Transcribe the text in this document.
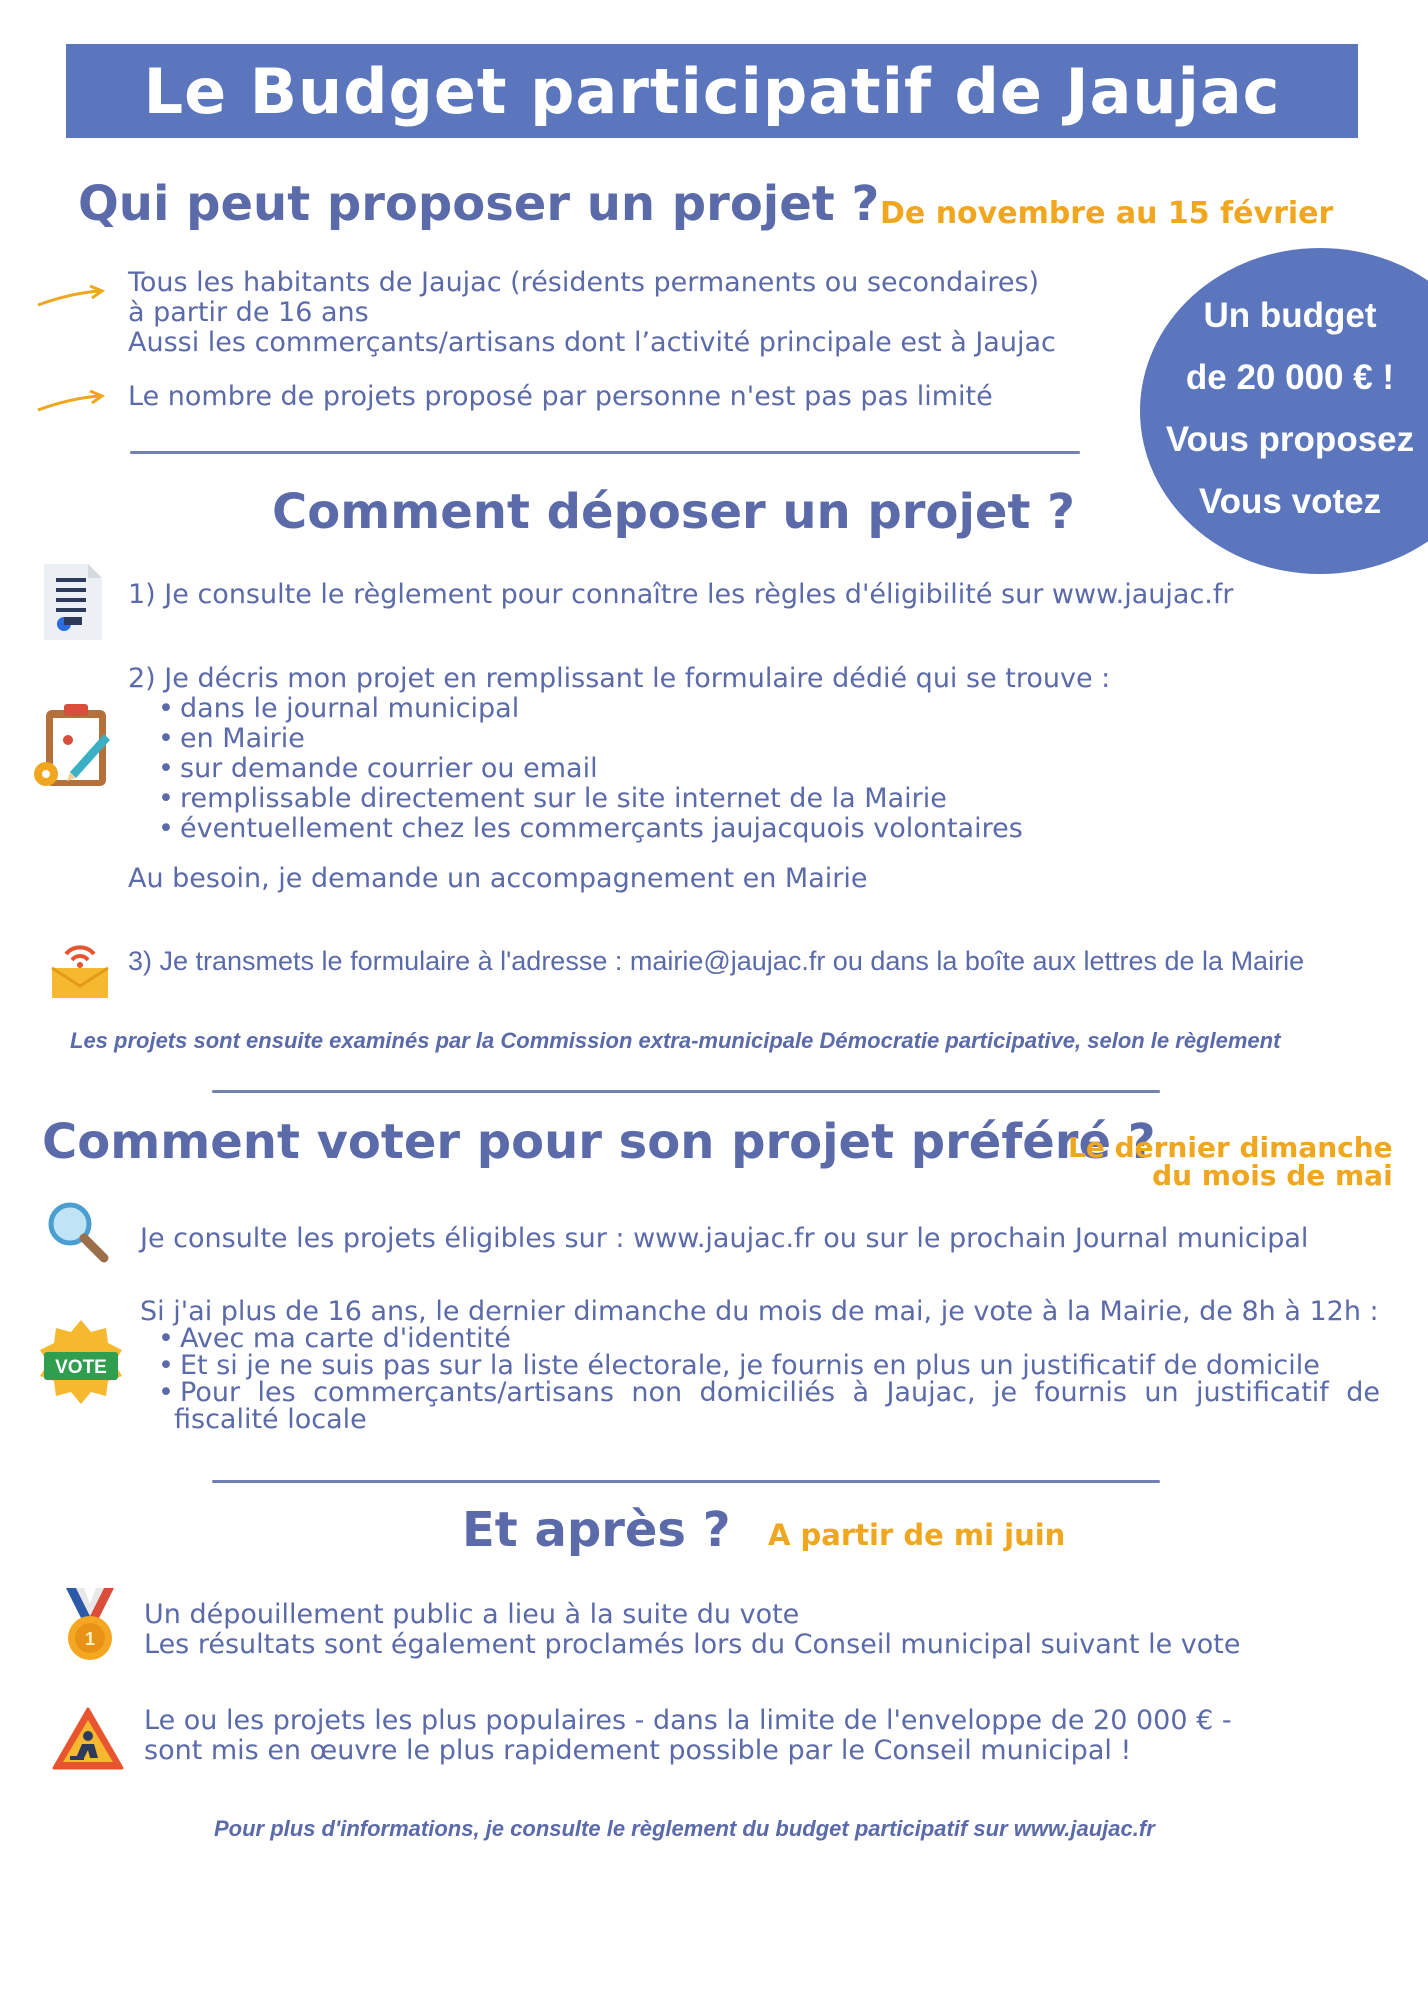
Le Budget participatif de Jaujac
Qui peut proposer un projet ? De novembre au 15 février

Tous les habitants de Jaujac (résidents permanents ou secondaires)

à partir de 16 ans

Aussi les commerçants/artisans dont l’activité principale est à Jaujac

Le nombre de projets proposé par personne n'est pas pas limité
Un budget
de 20 000 € !
Vous proposez
Vous votez
Comment déposer un projet ?
1) Je consulte le règlement pour connaître les règles d'éligibilité sur www.jaujac.fr

2) Je décris mon projet en remplissant le formulaire dédié qui se trouve :

• dans le journal municipal
• en Mairie
• sur demande courrier ou email
• remplissable directement sur le site internet de la Mairie
• éventuellement chez les commerçants jaujacquois volontaires
Au besoin, je demande un accompagnement en Mairie
3) Je transmets le formulaire à l'adresse : mairie@jaujac.fr ou dans la boîte aux lettres de la Mairie
Les projets sont ensuite examinés par la Commission extra-municipale Démocratie participative, selon le règlement
Comment voter pour son projet préféré ?
Le dernier dimanche
du mois de mai
Je consulte les projets éligibles sur : www.jaujac.fr ou sur le prochain Journal municipal
VOTE

Si j'ai plus de 16 ans, le dernier dimanche du mois de mai, je vote à la Mairie, de 8h à 12h :

• Avec ma carte d'identité
• Et si je ne suis pas sur la liste électorale, je fournis en plus un justificatif de domicile
• Pour les commerçants/artisans non domiciliés à Jaujac, je fournis un justificatif de

fiscalité locale

Et après ? A partir de mi juin
1

Un dépouillement public a lieu à la suite du vote

Les résultats sont également proclamés lors du Conseil municipal suivant le vote

Le ou les projets les plus populaires - dans la limite de l'enveloppe de 20 000 € -

sont mis en œuvre le plus rapidement possible par le Conseil municipal !

Pour plus d'informations, je consulte le règlement du budget participatif sur www.jaujac.fr
